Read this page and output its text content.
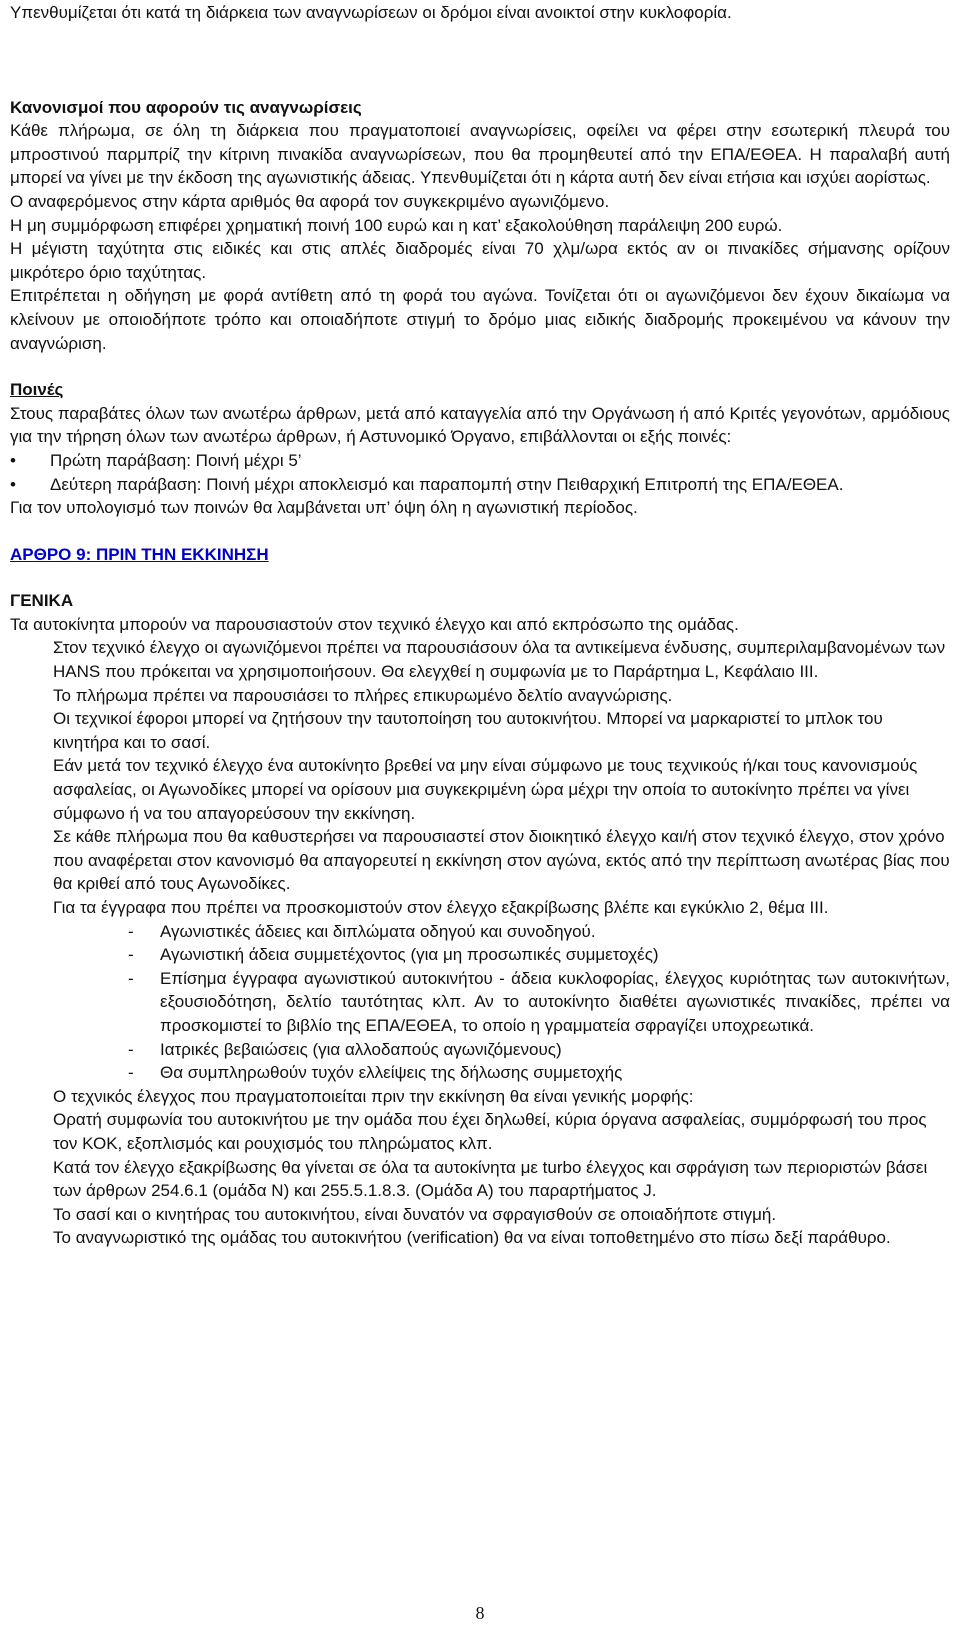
Υπενθυμίζεται ότι κατά τη διάρκεια των αναγνωρίσεων οι δρόμοι είναι ανοικτοί στην κυκλοφορία.

Κανονισμοί που αφορούν τις αναγνωρίσεις

Κάθε πλήρωμα, σε όλη τη διάρκεια που πραγματοποιεί αναγνωρίσεις, οφείλει να φέρει στην εσωτερική πλευρά του μπροστινού παρμπρίζ την κίτρινη πινακίδα αναγνωρίσεων, που θα προμηθευτεί από την ΕΠΑ/ΕΘΕΑ. Η παραλαβή αυτή μπορεί να γίνει με την έκδοση της αγωνιστικής άδειας. Υπενθυμίζεται ότι η κάρτα αυτή δεν είναι ετήσια και ισχύει αορίστως.

Ο αναφερόμενος στην κάρτα αριθμός θα αφορά τον συγκεκριμένο αγωνιζόμενο.

Η μη συμμόρφωση επιφέρει χρηματική ποινή 100 ευρώ και η κατ’ εξακολούθηση παράλειψη 200 ευρώ.

Η μέγιστη ταχύτητα στις ειδικές και στις απλές διαδρομές είναι 70 χλμ/ωρα εκτός αν οι πινακίδες σήμανσης ορίζουν μικρότερο όριο ταχύτητας.

Επιτρέπεται η οδήγηση με φορά αντίθετη από τη φορά του αγώνα. Τονίζεται ότι οι αγωνιζόμενοι δεν έχουν δικαίωμα να κλείνουν με οποιοδήποτε τρόπο και οποιαδήποτε στιγμή το δρόμο μιας ειδικής διαδρομής προκειμένου να κάνουν την αναγνώριση.

Ποινές

Στους παραβάτες όλων των ανωτέρω άρθρων, μετά από καταγγελία από την Οργάνωση ή από Κριτές γεγονότων, αρμόδιους για την τήρηση όλων των ανωτέρω άρθρων, ή Αστυνομικό Όργανο, επιβάλλονται οι εξής ποινές:

•	Πρώτη παράβαση: Ποινή μέχρι 5’
•	Δεύτερη παράβαση: Ποινή μέχρι αποκλεισμό και παραπομπή στην Πειθαρχική Επιτροπή της ΕΠΑ/ΕΘΕΑ.

Για τον υπολογισμό των ποινών θα λαμβάνεται υπ’ όψη όλη η αγωνιστική περίοδος.

ΑΡΘΡΟ 9: ΠΡΙΝ ΤΗΝ ΕΚΚΙΝΗΣΗ

ΓΕΝΙΚΑ

Τα αυτοκίνητα μπορούν να παρουσιαστούν στον τεχνικό έλεγχο και από εκπρόσωπο της ομάδας.

Στον τεχνικό έλεγχο οι αγωνιζόμενοι πρέπει να παρουσιάσουν όλα τα αντικείμενα ένδυσης, συμπεριλαμβανομένων των HANS που πρόκειται να χρησιμοποιήσουν. Θα ελεγχθεί η συμφωνία με το Παράρτημα L, Κεφάλαιο III.

Το πλήρωμα πρέπει να παρουσιάσει το πλήρες επικυρωμένο δελτίο αναγνώρισης.

Οι τεχνικοί έφοροι μπορεί να ζητήσουν την ταυτοποίηση του αυτοκινήτου. Μπορεί να μαρκαριστεί το μπλοκ του κινητήρα και το σασί.

Εάν μετά τον τεχνικό έλεγχο ένα αυτοκίνητο βρεθεί να μην είναι σύμφωνο με τους τεχνικούς ή/και τους κανονισμούς ασφαλείας, οι Αγωνοδίκες μπορεί να ορίσουν μια συγκεκριμένη ώρα μέχρι την οποία το αυτοκίνητο πρέπει να γίνει σύμφωνο ή να του απαγορεύσουν την εκκίνηση.

Σε κάθε πλήρωμα που θα καθυστερήσει να παρουσιαστεί στον διοικητικό έλεγχο και/ή στον τεχνικό έλεγχο, στον χρόνο που αναφέρεται στον κανονισμό θα απαγορευτεί η εκκίνηση στον αγώνα, εκτός από την περίπτωση ανωτέρας βίας που θα κριθεί από τους Αγωνοδίκες.

Για τα έγγραφα που πρέπει να προσκομιστούν στον έλεγχο εξακρίβωσης βλέπε και εγκύκλιο 2, θέμα III.

-	Αγωνιστικές άδειες και διπλώματα οδηγού και συνοδηγού.
-	Αγωνιστική άδεια συμμετέχοντος (για μη προσωπικές συμμετοχές)
-	Επίσημα έγγραφα αγωνιστικού αυτοκινήτου - άδεια κυκλοφορίας, έλεγχος κυριότητας των αυτοκινήτων, εξουσιοδότηση, δελτίο ταυτότητας κλπ. Αν το αυτοκίνητο διαθέτει αγωνιστικές πινακίδες, πρέπει να προσκομιστεί το βιβλίο της ΕΠΑ/ΕΘΕΑ, το οποίο η γραμματεία σφραγίζει υποχρεωτικά.
-	Ιατρικές βεβαιώσεις (για αλλοδαπούς αγωνιζόμενους)
-	Θα συμπληρωθούν τυχόν ελλείψεις της δήλωσης συμμετοχής

Ο τεχνικός έλεγχος που πραγματοποιείται πριν την εκκίνηση θα είναι γενικής μορφής:

Ορατή συμφωνία του αυτοκινήτου με την ομάδα που έχει δηλωθεί, κύρια όργανα ασφαλείας, συμμόρφωσή του προς τον ΚΟΚ, εξοπλισμός και ρουχισμός του πληρώματος κλπ.

Κατά τον έλεγχο εξακρίβωσης θα γίνεται σε όλα τα αυτοκίνητα με turbo έλεγχος και σφράγιση των περιοριστών βάσει των άρθρων 254.6.1 (ομάδα Ν) και 255.5.1.8.3. (Ομάδα Α) του παραρτήματος J.

Το σασί και ο κινητήρας του αυτοκινήτου, είναι δυνατόν να σφραγισθούν σε οποιαδήποτε στιγμή.

Το αναγνωριστικό της ομάδας του αυτοκινήτου (verification) θα να είναι τοποθετημένο στο πίσω δεξί παράθυρο.

8
